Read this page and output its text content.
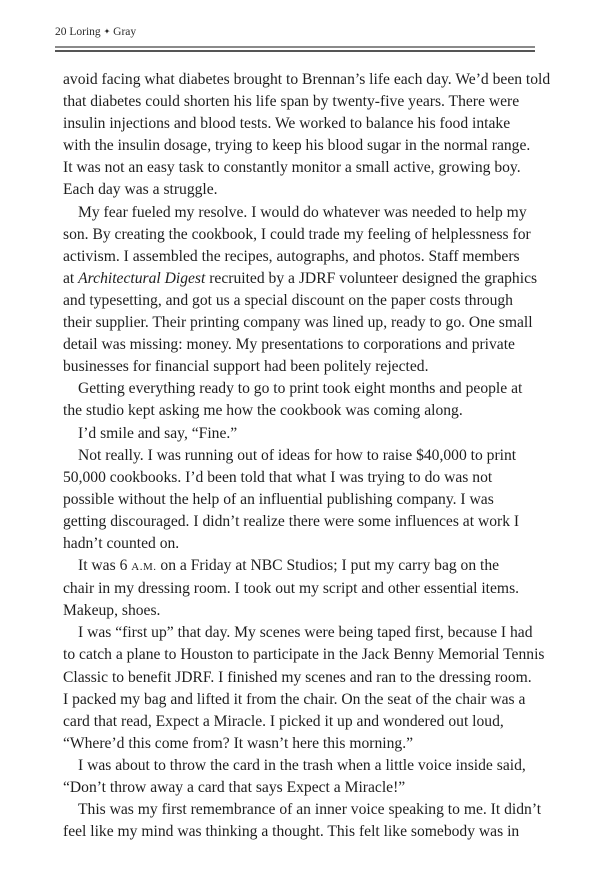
20 Loring ✦ Gray

avoid facing what diabetes brought to Brennan’s life each day. We’d been told
that diabetes could shorten his life span by twenty-five years. There were
insulin injections and blood tests. We worked to balance his food intake
with the insulin dosage, trying to keep his blood sugar in the normal range.
It was not an easy task to constantly monitor a small active, growing boy.
Each day was a struggle.

My fear fueled my resolve. I would do whatever was needed to help my
son. By creating the cookbook, I could trade my feeling of helplessness for
activism. I assembled the recipes, autographs, and photos. Staff members
at Architectural Digest recruited by a JDRF volunteer designed the graphics
and typesetting, and got us a special discount on the paper costs through
their supplier. Their printing company was lined up, ready to go. One small
detail was missing: money. My presentations to corporations and private
businesses for financial support had been politely rejected.

Getting everything ready to go to print took eight months and people at
the studio kept asking me how the cookbook was coming along.

I’d smile and say, “Fine.”

Not really. I was running out of ideas for how to raise $40,000 to print
50,000 cookbooks. I’d been told that what I was trying to do was not
possible without the help of an influential publishing company. I was
getting discouraged. I didn’t realize there were some influences at work I
hadn’t counted on.

It was 6 A.M. on a Friday at NBC Studios; I put my carry bag on the
chair in my dressing room. I took out my script and other essential items.
Makeup, shoes.

I was “first up” that day. My scenes were being taped first, because I had
to catch a plane to Houston to participate in the Jack Benny Memorial Tennis
Classic to benefit JDRF. I finished my scenes and ran to the dressing room.
I packed my bag and lifted it from the chair. On the seat of the chair was a
card that read, Expect a Miracle. I picked it up and wondered out loud,
“Where’d this come from? It wasn’t here this morning.”

I was about to throw the card in the trash when a little voice inside said,
“Don’t throw away a card that says Expect a Miracle!”

This was my first remembrance of an inner voice speaking to me. It didn’t
feel like my mind was thinking a thought. This felt like somebody was in
